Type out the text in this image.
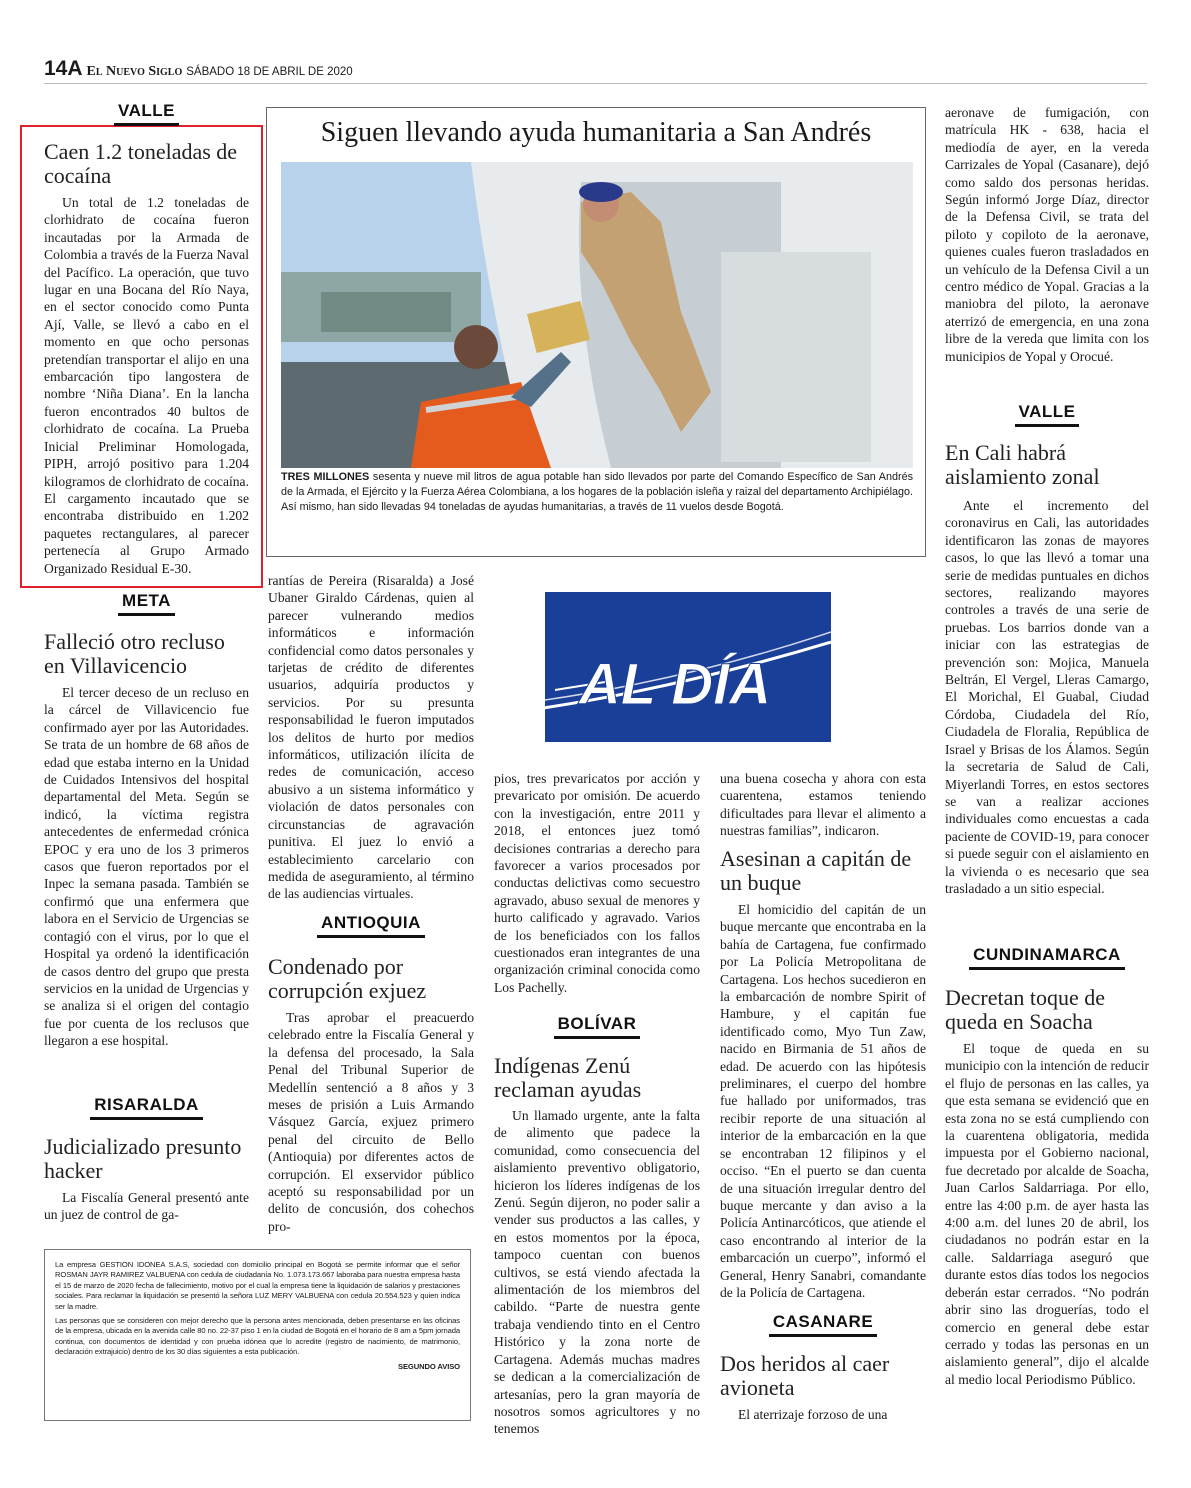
14A El Nuevo Siglo SÁBADO 18 DE ABRIL DE 2020
VALLE
Caen 1.2 toneladas de cocaína

Un total de 1.2 toneladas de clorhidrato de cocaína fueron incautadas por la Armada de Colombia a través de la Fuerza Naval del Pacífico. La operación, que tuvo lugar en una Bocana del Río Naya, en el sector conocido como Punta Ají, Valle, se llevó a cabo en el momento en que ocho personas pretendían transportar el alijo en una embarcación tipo langostera de nombre ‘Niña Diana’. En la lancha fueron encontrados 40 bultos de clorhidrato de cocaína. La Prueba Inicial Preliminar Homologada, PIPH, arrojó positivo para 1.204 kilogramos de clorhidrato de cocaína. El cargamento incautado que se encontraba distribuido en 1.202 paquetes rectangulares, al parecer pertenecía al Grupo Armado Organizado Residual E-30.

META
Falleció otro recluso en Villavicencio

El tercer deceso de un recluso en la cárcel de Villavicencio fue confirmado ayer por las Autoridades. Se trata de un hombre de 68 años de edad que estaba interno en la Unidad de Cuidados Intensivos del hospital departamental del Meta. Según se indicó, la víctima registra antecedentes de enfermedad crónica EPOC y era uno de los 3 primeros casos que fueron reportados por el Inpec la semana pasada. También se confirmó que una enfermera que labora en el Servicio de Urgencias se contagió con el virus, por lo que el Hospital ya ordenó la identificación de casos dentro del grupo que presta servicios en la unidad de Urgencias y se analiza si el origen del contagio fue por cuenta de los reclusos que llegaron a ese hospital.

RISARALDA
Judicializado presunto hacker

La Fiscalía General presentó ante un juez de control de ga-

Siguen llevando ayuda humanitaria a San Andrés
TRES MILLONES sesenta y nueve mil litros de agua potable han sido llevados por parte del Comando Específico de San Andrés de la Armada, el Ejército y la Fuerza Aérea Colombiana, a los hogares de la población isleña y raizal del departamento Archipiélago. Así mismo, han sido llevadas 94 toneladas de ayudas humanitarias, a través de 11 vuelos desde Bogotá.
AL DÍA

rantías de Pereira (Risaralda) a José Ubaner Giraldo Cárdenas, quien al parecer vulnerando medios informáticos e información confidencial como datos personales y tarjetas de crédito de diferentes usuarios, adquiría productos y servicios. Por su presunta responsabilidad le fueron imputados los delitos de hurto por medios informáticos, utilización ilícita de redes de comunicación, acceso abusivo a un sistema informático y violación de datos personales con circunstancias de agravación punitiva. El juez lo envió a establecimiento carcelario con medida de aseguramiento, al término de las audiencias virtuales.

ANTIOQUIA
Condenado por corrupción exjuez

Tras aprobar el preacuerdo celebrado entre la Fiscalía General y la defensa del procesado, la Sala Penal del Tribunal Superior de Medellín sentenció a 8 años y 3 meses de prisión a Luis Armando Vásquez García, exjuez primero penal del circuito de Bello (Antioquia) por diferentes actos de corrupción. El exservidor público aceptó su responsabilidad por un delito de concusión, dos cohechos pro-

pios, tres prevaricatos por acción y prevaricato por omisión. De acuerdo con la investigación, entre 2011 y 2018, el entonces juez tomó decisiones contrarias a derecho para favorecer a varios procesados por conductas delictivas como secuestro agravado, abuso sexual de menores y hurto calificado y agravado. Varios de los beneficiados con los fallos cuestionados eran integrantes de una organización criminal conocida como Los Pachelly.

BOLÍVAR
Indígenas Zenú reclaman ayudas

Un llamado urgente, ante la falta de alimento que padece la comunidad, como consecuencia del aislamiento preventivo obligatorio, hicieron los líderes indígenas de los Zenú. Según dijeron, no poder salir a vender sus productos a las calles, y en estos momentos por la época, tampoco cuentan con buenos cultivos, se está viendo afectada la alimentación de los miembros del cabildo. “Parte de nuestra gente trabaja vendiendo tinto en el Centro Histórico y la zona norte de Cartagena. Además muchas madres se dedican a la comercialización de artesanías, pero la gran mayoría de nosotros somos agricultores y no tenemos

una buena cosecha y ahora con esta cuarentena, estamos teniendo dificultades para llevar el alimento a nuestras familias”, indicaron.

Asesinan a capitán de un buque

El homicidio del capitán de un buque mercante que encontraba en la bahía de Cartagena, fue confirmado por La Policía Metropolitana de Cartagena. Los hechos sucedieron en la embarcación de nombre Spirit of Hambure, y el capitán fue identificado como, Myo Tun Zaw, nacido en Birmania de 51 años de edad. De acuerdo con las hipótesis preliminares, el cuerpo del hombre fue hallado por uniformados, tras recibir reporte de una situación al interior de la embarcación en la que se encontraban 12 filipinos y el occiso. “En el puerto se dan cuenta de una situación irregular dentro del buque mercante y dan aviso a la Policía Antinarcóticos, que atiende el caso encontrando al interior de la embarcación un cuerpo”, informó el General, Henry Sanabri, comandante de la Policía de Cartagena.

CASANARE
Dos heridos al caer avioneta

El aterrizaje forzoso de una

aeronave de fumigación, con matrícula HK - 638, hacia el mediodía de ayer, en la vereda Carrizales de Yopal (Casanare), dejó como saldo dos personas heridas. Según informó Jorge Díaz, director de la Defensa Civil, se trata del piloto y copiloto de la aeronave, quienes cuales fueron trasladados en un vehículo de la Defensa Civil a un centro médico de Yopal. Gracias a la maniobra del piloto, la aeronave aterrizó de emergencia, en una zona libre de la vereda que limita con los municipios de Yopal y Orocué.

VALLE
En Cali habrá aislamiento zonal

Ante el incremento del coronavirus en Cali, las autoridades identificaron las zonas de mayores casos, lo que las llevó a tomar una serie de medidas puntuales en dichos sectores, realizando mayores controles a través de una serie de pruebas. Los barrios donde van a iniciar con las estrategias de prevención son: Mojica, Manuela Beltrán, El Vergel, Lleras Camargo, El Morichal, El Guabal, Ciudad Córdoba, Ciudadela del Río, Ciudadela de Floralia, República de Israel y Brisas de los Álamos. Según la secretaria de Salud de Cali, Miyerlandi Torres, en estos sectores se van a realizar acciones individuales como encuestas a cada paciente de COVID-19, para conocer si puede seguir con el aislamiento en la vivienda o es necesario que sea trasladado a un sitio especial.

CUNDINAMARCA
Decretan toque de queda en Soacha

El toque de queda en su municipio con la intención de reducir el flujo de personas en las calles, ya que esta semana se evidenció que en esta zona no se está cumpliendo con la cuarentena obligatoria, medida impuesta por el Gobierno nacional, fue decretado por alcalde de Soacha, Juan Carlos Saldarriaga. Por ello, entre las 4:00 p.m. de ayer hasta las 4:00 a.m. del lunes 20 de abril, los ciudadanos no podrán estar en la calle. Saldarriaga aseguró que durante estos días todos los negocios deberán estar cerrados. “No podrán abrir sino las droguerías, todo el comercio en general debe estar cerrado y todas las personas en un aislamiento general”, dijo el alcalde al medio local Periodismo Público.

La empresa GESTION IDONEA S.A.S, sociedad con domicilio principal en Bogotá se permite informar que el señor ROSMAN JAYR RAMIREZ VALBUENA con cedula de ciudadanía No. 1.073.173.667 laboraba para nuestra empresa hasta el 15 de marzo de 2020 fecha de fallecimiento, motivo por el cual la empresa tiene la liquidación de salarios y prestaciones sociales. Para reclamar la liquidación se presentó la señora LUZ MERY VALBUENA con cedula 20.554.523 y quien indica ser la madre.

Las personas que se consideren con mejor derecho que la persona antes mencionada, deben presentarse en las oficinas de la empresa, ubicada en la avenida calle 80 no. 22-37 piso 1 en la ciudad de Bogotá en el horario de 8 am a 5pm jornada continua, con documentos de identidad y con prueba idónea que lo acredite (registro de nacimiento, de matrimonio, declaración extrajuicio) dentro de los 30 días siguientes a esta publicación.

SEGUNDO AVISO
